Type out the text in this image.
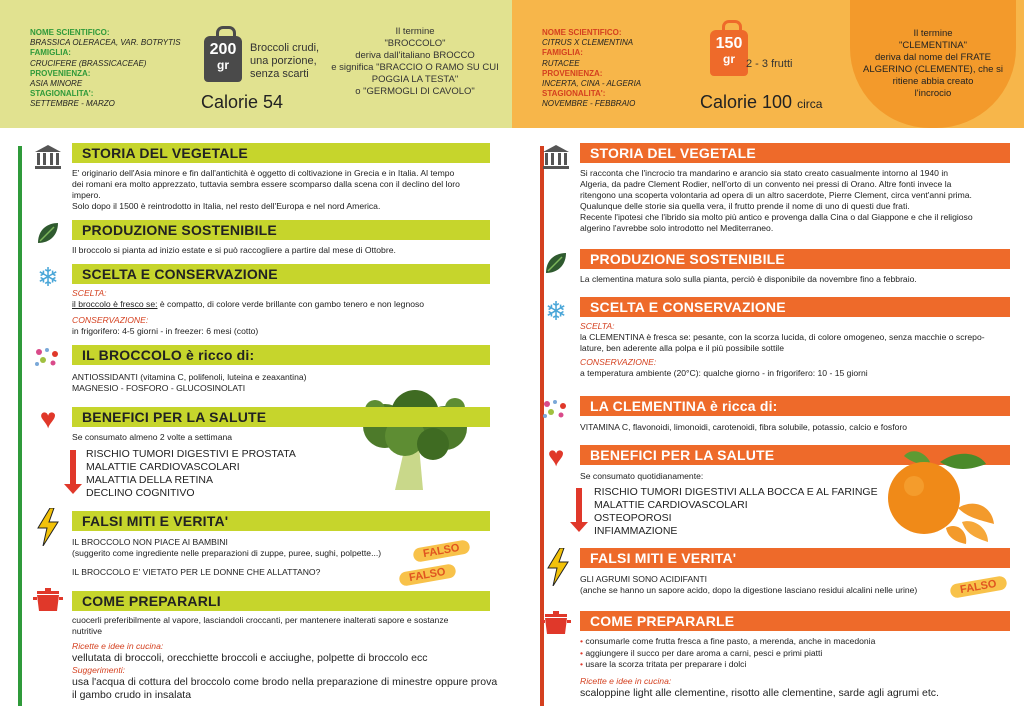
NOME SCIENTIFICO:
BRASSICA OLERACEA, VAR. BOTRYTIS
FAMIGLIA:
CRUCIFERE (BRASSICACEAE)
PROVENIENZA:
ASIA MINORE
STAGIONALITA':
SETTEMBRE - MARZO
200
gr
Broccoli crudi, una porzione, senza scarti
Calorie 54
Il termine
"BROCCOLO"
deriva dall'italiano BROCCO
e significa "BRACCIO O RAMO SU CUI
POGGIA LA TESTA"
o "GERMOGLI DI CAVOLO"
STORIA DEL VEGETALE
E' originario dell'Asia minore e fin dall'antichità è oggetto di coltivazione in Grecia e in Italia. Al tempo
dei romani era molto apprezzato, tuttavia sembra essere scomparso dalla scena con il declino del loro
impero.
Solo dopo il 1500 è reintrodotto in Italia, nel resto dell'Europa e nel nord America.
PRODUZIONE SOSTENIBILE
Il broccolo si pianta ad inizio estate e si può raccogliere a partire dal mese di Ottobre.
❄	SCELTA E CONSERVAZIONE
SCELTA:
il broccolo è fresco se: è compatto, di colore verde brillante con gambo tenero e non legnoso
CONSERVAZIONE:
in frigorifero: 4-5 giorni - in freezer: 6 mesi (cotto)
IL BROCCOLO è ricco di:
ANTIOSSIDANTI (vitamina C, polifenoli, luteina e zeaxantina)
MAGNESIO - FOSFORO - GLUCOSINOLATI
♥	BENEFICI PER LA SALUTE
Se consumato almeno 2 volte a settimana
RISCHIO TUMORI DIGESTIVI E PROSTATA
MALATTIE CARDIOVASCOLARI
MALATTIA DELLA RETINA
DECLINO COGNITIVO
FALSI MITI E VERITA'
IL BROCCOLO NON PIACE AI BAMBINI
(suggerito come ingrediente nelle preparazioni di zuppe, puree, sughi, polpette...)
IL BROCCOLO E' VIETATO PER LE DONNE CHE ALLATTANO?
FALSO
FALSO
COME PREPARARLI
cuocerli preferibilmente al vapore, lasciandoli croccanti, per mantenere inalterati sapore e sostanze
nutritive
Ricette e idee in cucina:
vellutata di broccoli, orecchiette broccoli e acciughe, polpette di broccolo ecc
Suggerimenti:
usa l'acqua di cottura del broccolo come brodo nella preparazione di minestre oppure prova
il gambo crudo in insalata
NOME SCIENTIFICO:
CITRUS X CLEMENTINA
FAMIGLIA:
RUTACEE
PROVENIENZA:
INCERTA, CINA - ALGERIA
STAGIONALITA':
NOVEMBRE - FEBBRAIO
150
gr	2 - 3 frutti
Calorie 100 circa
Il termine
"CLEMENTINA"
deriva dal nome del FRATE
ALGERINO (CLEMENTE), che si
ritiene abbia creato
l'incrocio
STORIA DEL VEGETALE
Si racconta che l'incrocio tra mandarino e arancio sia stato creato casualmente intorno al 1940 in
Algeria, da padre Clement Rodier, nell'orto di un convento nei pressi di Orano. Altre fonti invece la
ritengono una scoperta volontaria ad opera di un altro sacerdote, Pierre Clement, circa vent'anni prima.
Qualunque delle storie sia quella vera, il frutto prende il nome di uno di questi due frati.
Recente l'ipotesi che l'ibrido sia molto più antico e provenga dalla Cina o dal Giappone e che il religioso
algerino l'avrebbe solo introdotto nel Mediterraneo.
PRODUZIONE SOSTENIBILE
La clementina matura solo sulla pianta, perciò è disponibile da novembre fino a febbraio.
❄	SCELTA E CONSERVAZIONE
SCELTA:
la CLEMENTINA è fresca se: pesante, con la scorza lucida, di colore omogeneo, senza macchie o screpo-
lature, ben aderente alla polpa e il più possibile sottile
CONSERVAZIONE:
a temperatura ambiente (20°C): qualche giorno - in frigorifero: 10 - 15 giorni
LA CLEMENTINA è ricca di:
VITAMINA C, flavonoidi, limonoidi, carotenoidi, fibra solubile, potassio, calcio e fosforo
♥	BENEFICI PER LA SALUTE
Se consumato quotidianamente:
RISCHIO TUMORI DIGESTIVI ALLA BOCCA E AL FARINGE
MALATTIE CARDIOVASCOLARI
OSTEOPOROSI
INFIAMMAZIONE
FALSI MITI E VERITA'
GLI AGRUMI SONO ACIDIFANTI
(anche se hanno un sapore acido, dopo la digestione lasciano residui alcalini nelle urine)	FALSO
COME PREPARARLE
• consumarle come frutta fresca a fine pasto, a merenda, anche in macedonia
• aggiungere il succo per dare aroma a carni, pesci e primi piatti
• usare la scorza tritata per preparare i dolci
Ricette e idee in cucina:
scaloppine light alle clementine, risotto alle clementine, sarde agli agrumi etc.
